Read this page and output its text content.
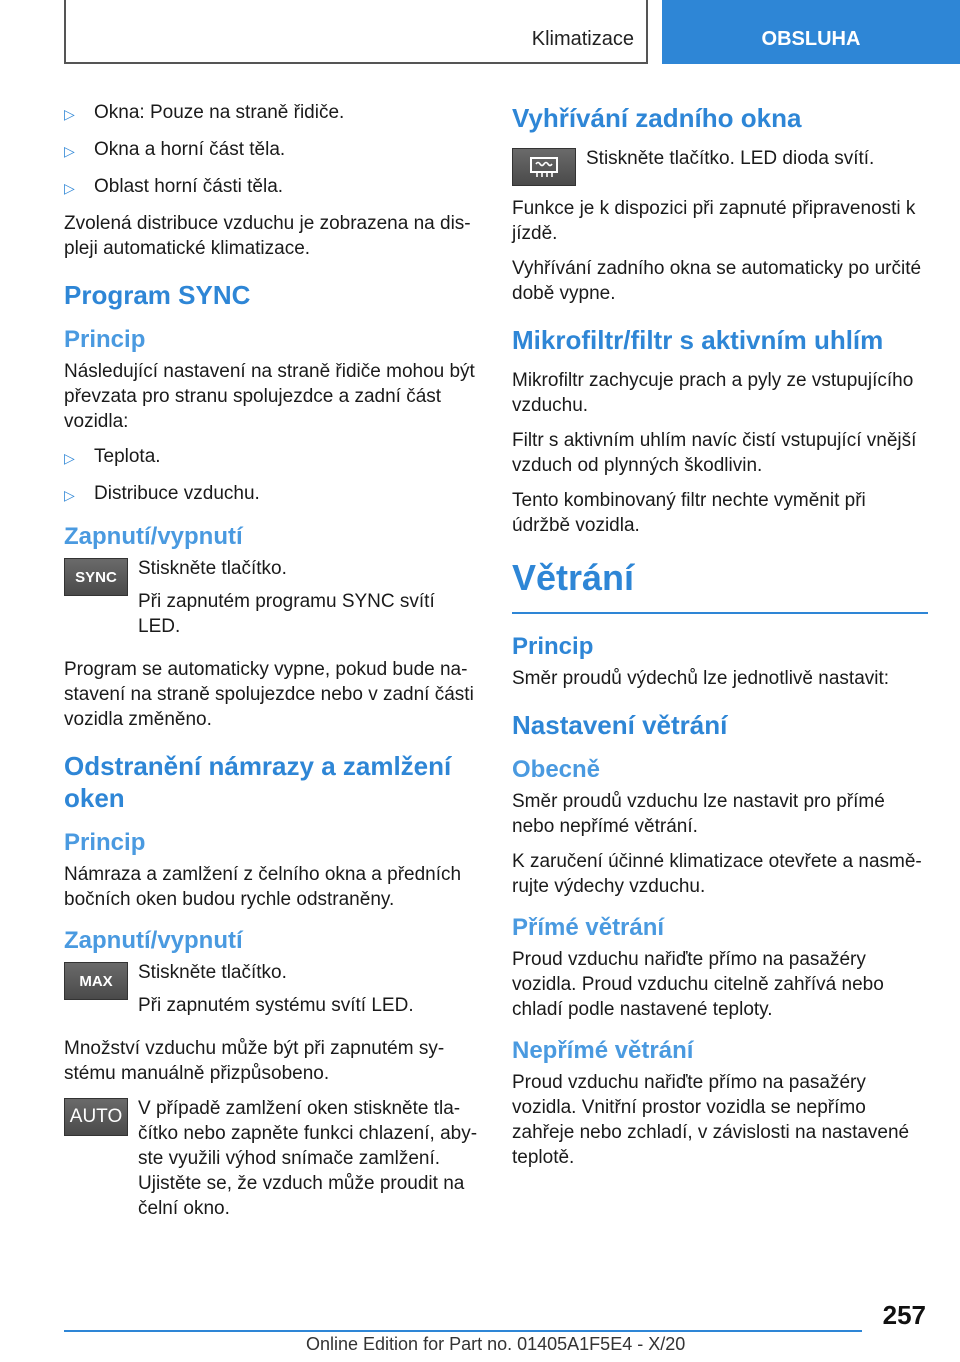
Klimatizace	OBSLUHA
▷	Okna: Pouze na straně řidiče.
▷	Okna a horní část těla.
▷	Oblast horní části těla.

Zvolená distribuce vzduchu je zobrazena na dis‐pleji automatické klimatizace.

Program SYNC
Princip

Následující nastavení na straně řidiče mohou být převzata pro stranu spolujezdce a zadní část vozidla:

▷	Teplota.
▷	Distribuce vzduchu.
Zapnutí/vypnutí
SYNC	Stiskněte tlačítko.

Při zapnutém programu SYNC svítí LED.

Program se automaticky vypne, pokud bude na‐stavení na straně spolujezdce nebo v zadní části vozidla změněno.

Odstranění námrazy a zamlžení oken
Princip

Námraza a zamlžení z čelního okna a předních bočních oken budou rychle odstraněny.

Zapnutí/vypnutí
MAX	Stiskněte tlačítko.

Při zapnutém systému svítí LED.

Množství vzduchu může být při zapnutém sy‐stému manuálně přizpůsobeno.

AUTO V případě zamlžení oken stiskněte tla‐čítko nebo zapněte funkci chlazení, aby‐ste využili výhod snímače zamlžení. Ujistěte se, že vzduch může proudit na čelní okno.

Vyhřívání zadního okna

Stiskněte tlačítko. LED dioda svítí.

Funkce je k dispozici při zapnuté připravenosti k jízdě.

Vyhřívání zadního okna se automaticky po určité době vypne.

Mikrofiltr/filtr s aktivním uhlím

Mikrofiltr zachycuje prach a pyly ze vstupujícího vzduchu.

Filtr s aktivním uhlím navíc čistí vstupující vnější vzduch od plynných škodlivin.

Tento kombinovaný filtr nechte vyměnit při údržbě vozidla.

Větrání
Princip

Směr proudů výdechů lze jednotlivě nastavit:

Nastavení větrání
Obecně

Směr proudů vzduchu lze nastavit pro přímé nebo nepřímé větrání.

K zaručení účinné klimatizace otevřete a nasmě‐rujte výdechy vzduchu.

Přímé větrání

Proud vzduchu nařiďte přímo na pasažéry vozidla. Proud vzduchu citelně zahřívá nebo chladí podle nastavené teploty.

Nepřímé větrání

Proud vzduchu nařiďte přímo na pasažéry vozidla. Vnitřní prostor vozidla se nepřímo zahřeje nebo zchladí, v závislosti na nastavené teplotě.

257
Online Edition for Part no. 01405A1F5E4 - X/20
